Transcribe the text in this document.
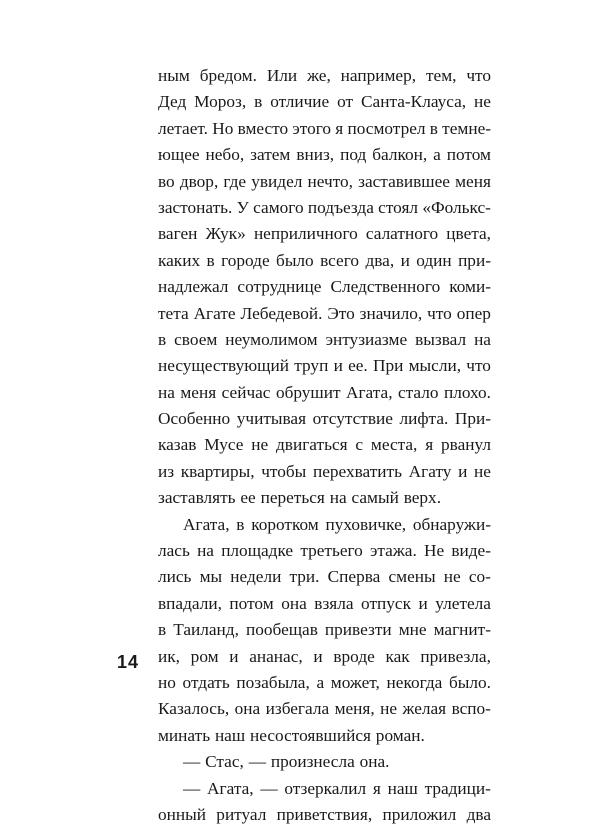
ным бредом. Или же, например, тем, что
Дед Мороз, в отличие от Санта-Клауса, не
летает. Но вместо этого я посмотрел в темне-
ющее небо, затем вниз, под балкон, а потом
во двор, где увидел нечто, заставившее меня
застонать. У самого подъезда стоял «Фолькс-
ваген Жук» неприличного салатного цвета,
каких в городе было всего два, и один при-
надлежал сотруднице Следственного коми-
тета Агате Лебедевой. Это значило, что опер
в своем неумолимом энтузиазме вызвал на
несуществующий труп и ее. При мысли, что
на меня сейчас обрушит Агата, стало плохо.
Особенно учитывая отсутствие лифта. При-
казав Мусе не двигаться с места, я рванул
из квартиры, чтобы перехватить Агату и не
заставлять ее переться на самый верх.
Агата, в коротком пуховичке, обнаружи-
лась на площадке третьего этажа. Не виде-
лись мы недели три. Сперва смены не со-
впадали, потом она взяла отпуск и улетела
в Таиланд, пообещав привезти мне магнит-
ик, ром и ананас, и вроде как привезла,
но отдать позабыла, а может, некогда было.
Казалось, она избегала меня, не желая вспо-
минать наш несостоявшийся роман.
— Стас, — произнесла она.
— Агата, — отзеркалил я наш традици-
онный ритуал приветствия, приложил два
14
